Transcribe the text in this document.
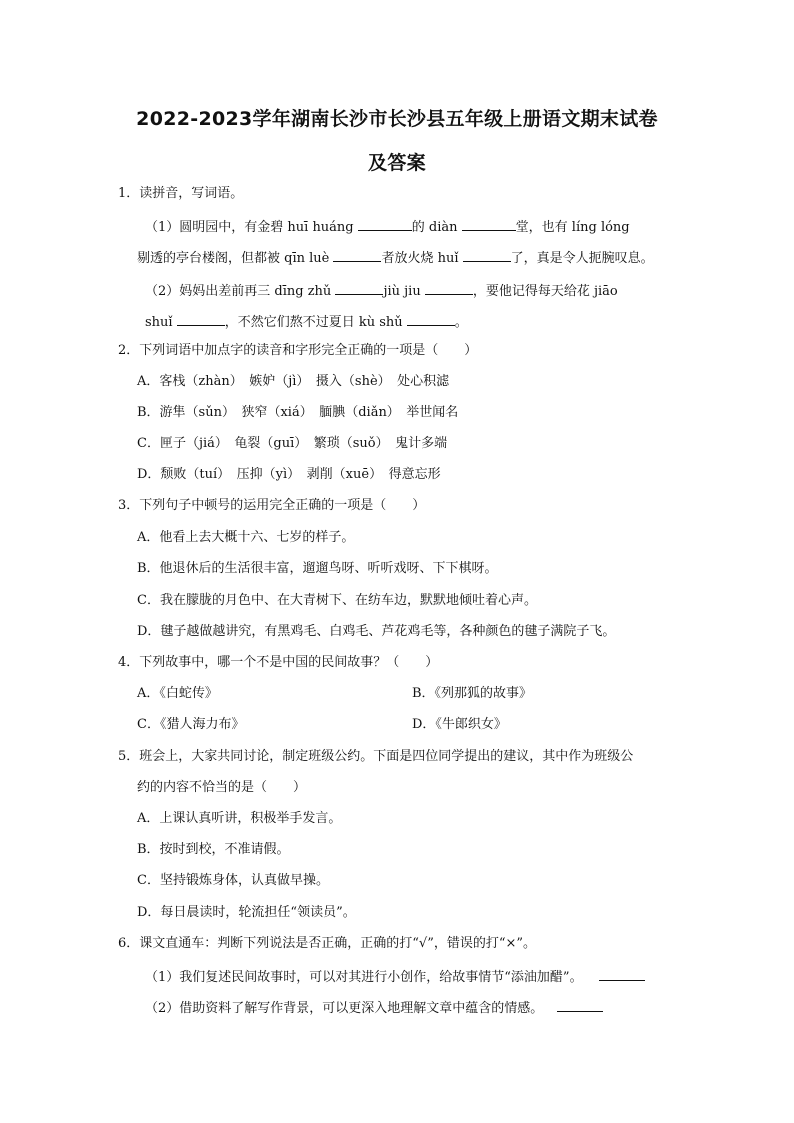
2022-2023学年湖南长沙市长沙县五年级上册语文期末试卷
及答案
1．读拼音，写词语。
（1）圆明园中，有金碧 huī huáng	的 diàn	堂，也有 líng lóng
剔透的亭台楼阁，但都被 qīn luè	者放火烧 huǐ	了，真是令人扼腕叹息。
（2）妈妈出差前再三 dīng zhǔ	jiù jiu	，要他记得每天给花 jiāo
shuǐ	，不然它们熬不过夏日 kù shǔ	。
2．下列词语中加点字的读音和字形完全正确的一项是（　　）
A．客栈（zhàn）　嫉妒（jì）　摄入（shè）　处心积滤
B．游隼（sǔn）　狭窄（xiá）　腼腆（diǎn）　举世闻名
C．匣子（jiá）　龟裂（guī）　繁琐（suǒ）　鬼计多端
D．颓败（tuí）　压抑（yì）　剥削（xuē）　得意忘形
3．下列句子中顿号的运用完全正确的一项是（　　）
A．他看上去大概十六、七岁的样子。
B．他退休后的生活很丰富，遛遛鸟呀、听听戏呀、下下棋呀。
C．我在朦胧的月色中、在大青树下、在纺车边，默默地倾吐着心声。
D．毽子越做越讲究，有黑鸡毛、白鸡毛、芦花鸡毛等，各种颜色的毽子满院子飞。
4．下列故事中，哪一个不是中国的民间故事？（　　）
A．《白蛇传》	B．《列那狐的故事》
C．《猎人海力布》	D．《牛郎织女》
5．班会上，大家共同讨论，制定班级公约。下面是四位同学提出的建议，其中作为班级公
约的内容不恰当的是（　　）
A．上课认真听讲，积极举手发言。
B．按时到校，不准请假。
C．坚持锻炼身体，认真做早操。
D．每日晨读时，轮流担任“领读员”。
6．课文直通车：判断下列说法是否正确，正确的打“√”，错误的打“×”。
（1）我们复述民间故事时，可以对其进行小创作，给故事情节“添油加醋”。
（2）借助资料了解写作背景，可以更深入地理解文章中蕴含的情感。
